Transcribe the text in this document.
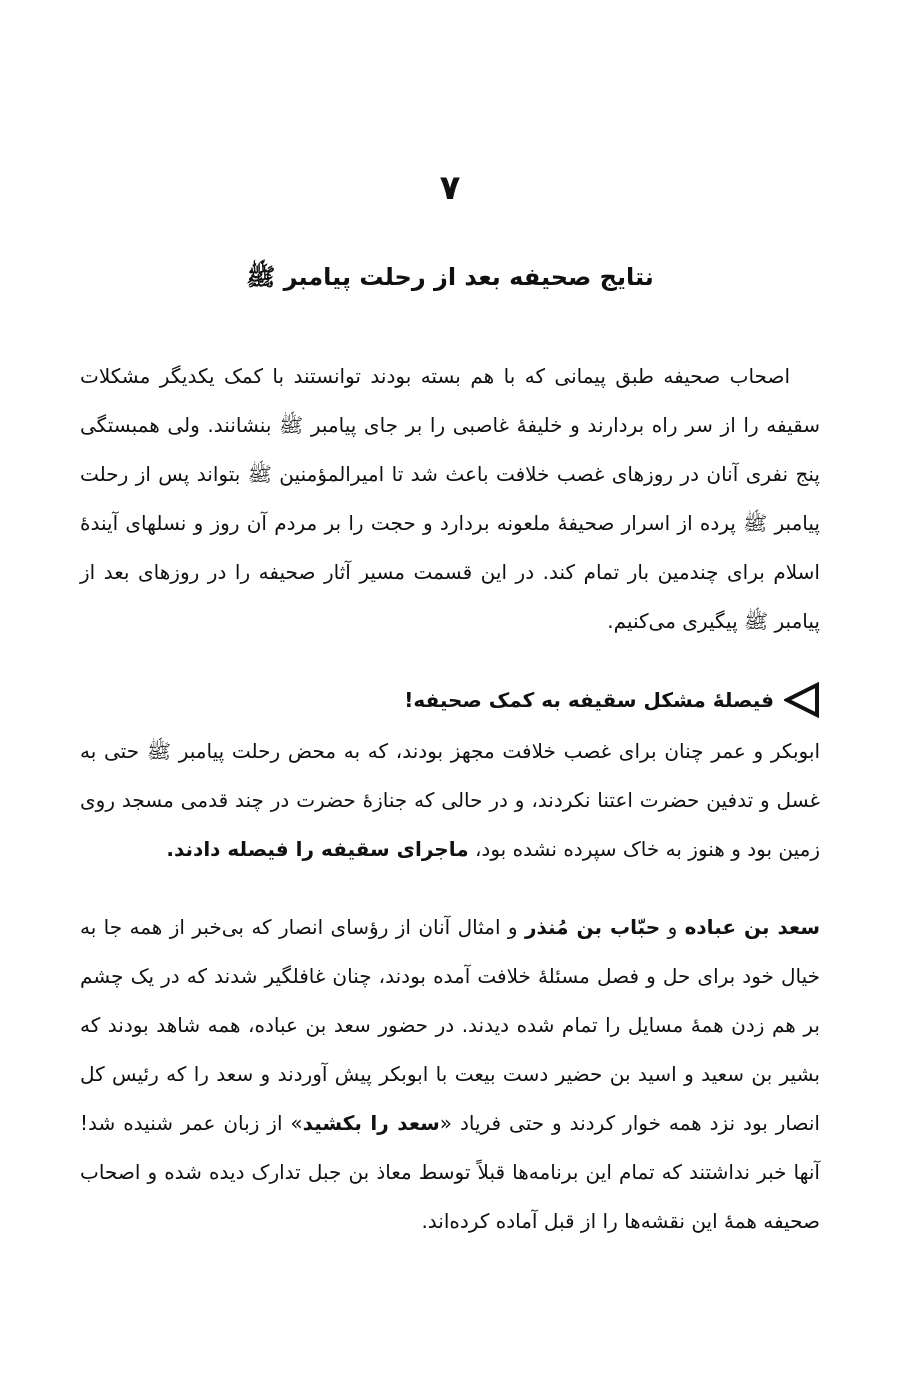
۷
نتایج صحیفه بعد از رحلت پیامبر ﷺ

اصحاب صحیفه طبق پیمانی که با هم بسته بودند توانستند با کمک یکدیگر مشکلات سقیفه را از سر راه بردارند و خلیفهٔ غاصبی را بر جای پیامبر ﷺ بنشانند. ولی همبستگی پنج نفری آنان در روزهای غصب خلافت باعث شد تا امیرالمؤمنین ﷺ بتواند پس از رحلت پیامبر ﷺ پرده از اسرار صحیفهٔ ملعونه بردارد و حجت را بر مردم آن روز و نسلهای آیندهٔ اسلام برای چندمین بار تمام کند. در این قسمت مسیر آثار صحیفه را در روزهای بعد از پیامبر ﷺ پیگیری می‌کنیم.

فیصلهٔ مشکل سقیفه به کمک صحیفه!

ابوبکر و عمر چنان برای غصب خلافت مجهز بودند، که به محض رحلت پیامبر ﷺ حتی به غسل و تدفین حضرت اعتنا نکردند، و در حالی که جنازهٔ حضرت در چند قدمی مسجد روی زمین بود و هنوز به خاک سپرده نشده بود، ماجرای سقیفه را فیصله دادند.

سعد بن عباده و حبّاب بن مُنذر و امثال آنان از رؤسای انصار که بی‌خبر از همه جا به خیال خود برای حل و فصل مسئلهٔ خلافت آمده بودند، چنان غافلگیر شدند که در یک چشم بر هم زدن همهٔ مسایل را تمام شده دیدند. در حضور سعد بن عباده، همه شاهد بودند که بشیر بن سعید و اسید بن حضیر دست بیعت با ابوبکر پیش آوردند و سعد را که رئیس کل انصار بود نزد همه خوار کردند و حتی فریاد «سعد را بکشید» از زبان عمر شنیده شد! آنها خبر نداشتند که تمام این برنامه‌ها قبلاً توسط معاذ بن جبل تدارک دیده شده و اصحاب صحیفه همهٔ این نقشه‌ها را از قبل آماده کرده‌اند.
